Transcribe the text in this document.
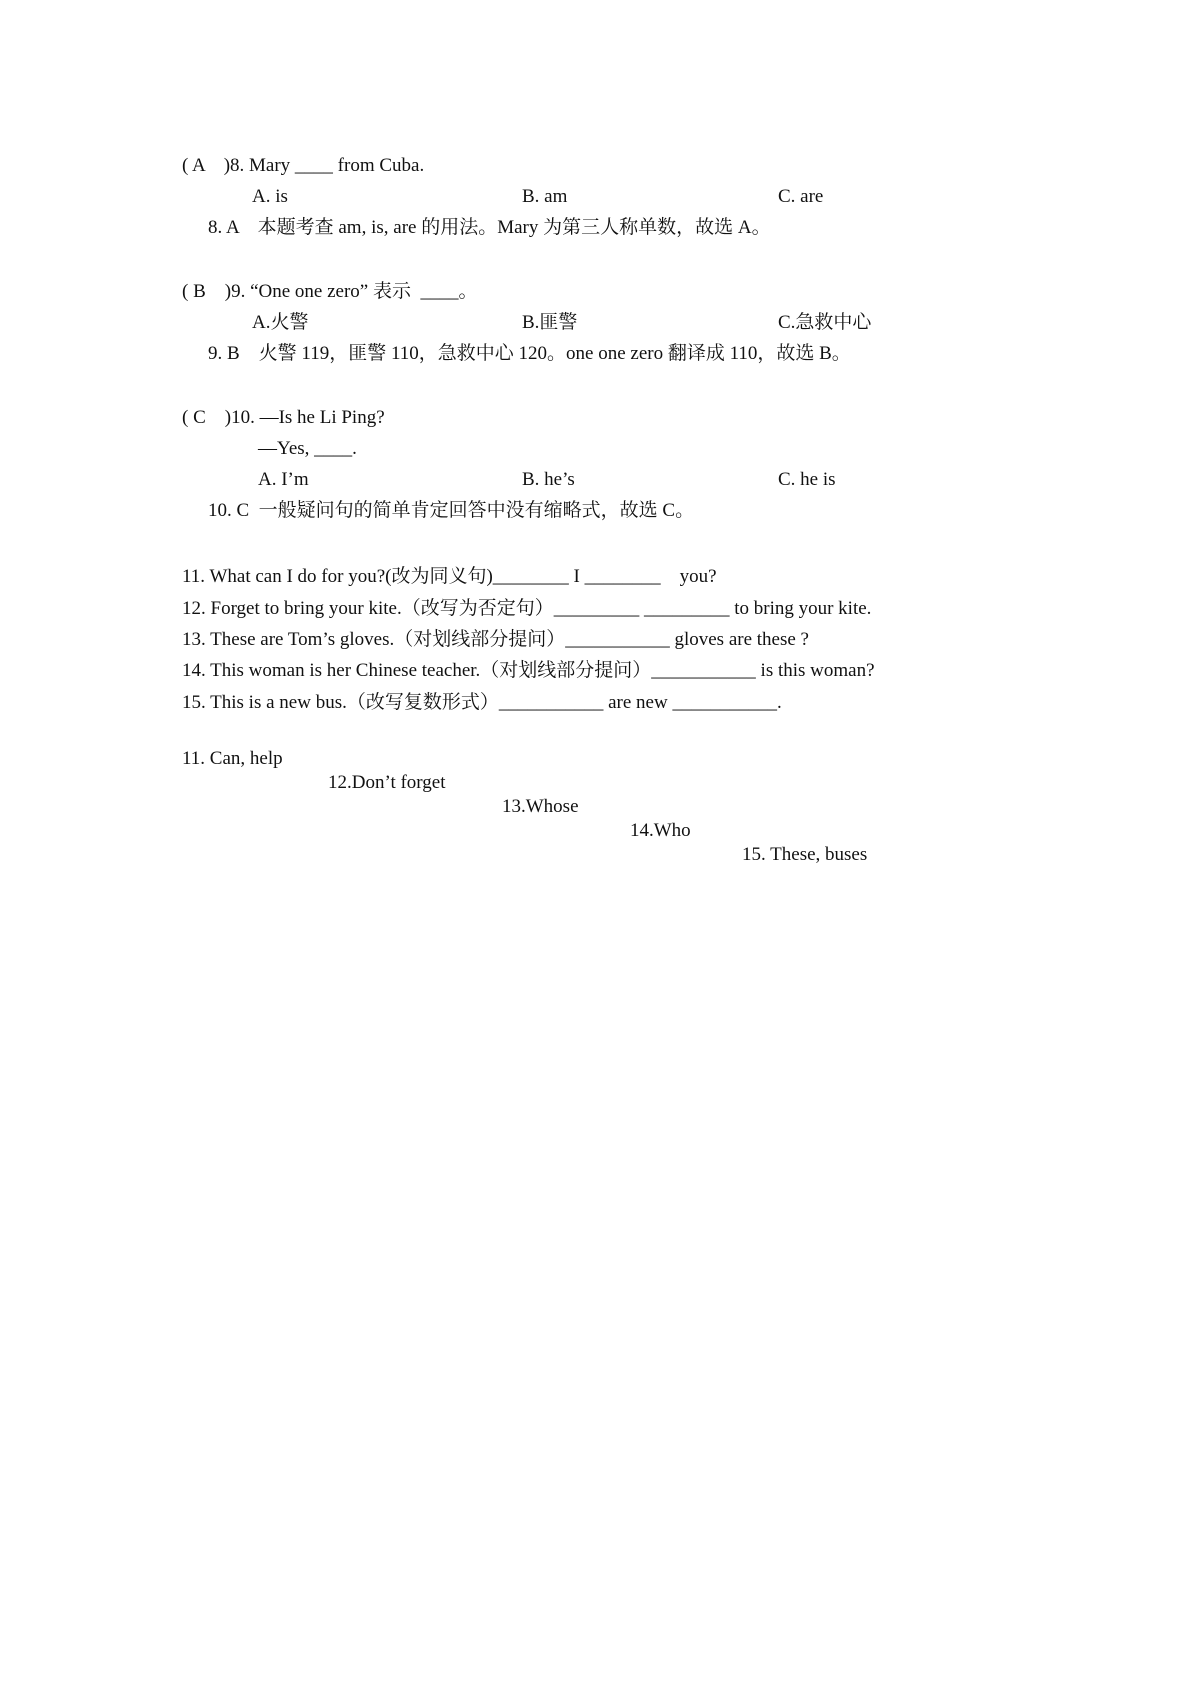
( A    )8. Mary ____ from Cuba.
A. is	B. am	C. are
8. A    本题考查 am, is, are 的用法。Mary 为第三人称单数，故选 A。
( B    )9. “One one zero” 表示  ____。
A.火警	B.匪警	C.急救中心
9. B    火警 119，匪警 110，急救中心 120。one one zero 翻译成 110，故选 B。
( C    )10. —Is he Li Ping?
—Yes, ____.
A. I’m	B. he’s	C. he is
10. C  一般疑问句的简单肯定回答中没有缩略式，故选 C。
11. What can I do for you?(改为同义句)________ I ________    you?
12. Forget to bring your kite.（改写为否定句）_________ _________ to bring your kite.
13. These are Tom’s gloves.（对划线部分提问）___________ gloves are these ?
14. This woman is her Chinese teacher.（对划线部分提问）___________ is this woman?
15. This is a new bus.（改写复数形式）___________ are new ___________.

11. Can, help

12.Don’t forget

13.Whose

14.Who

15. These, buses
